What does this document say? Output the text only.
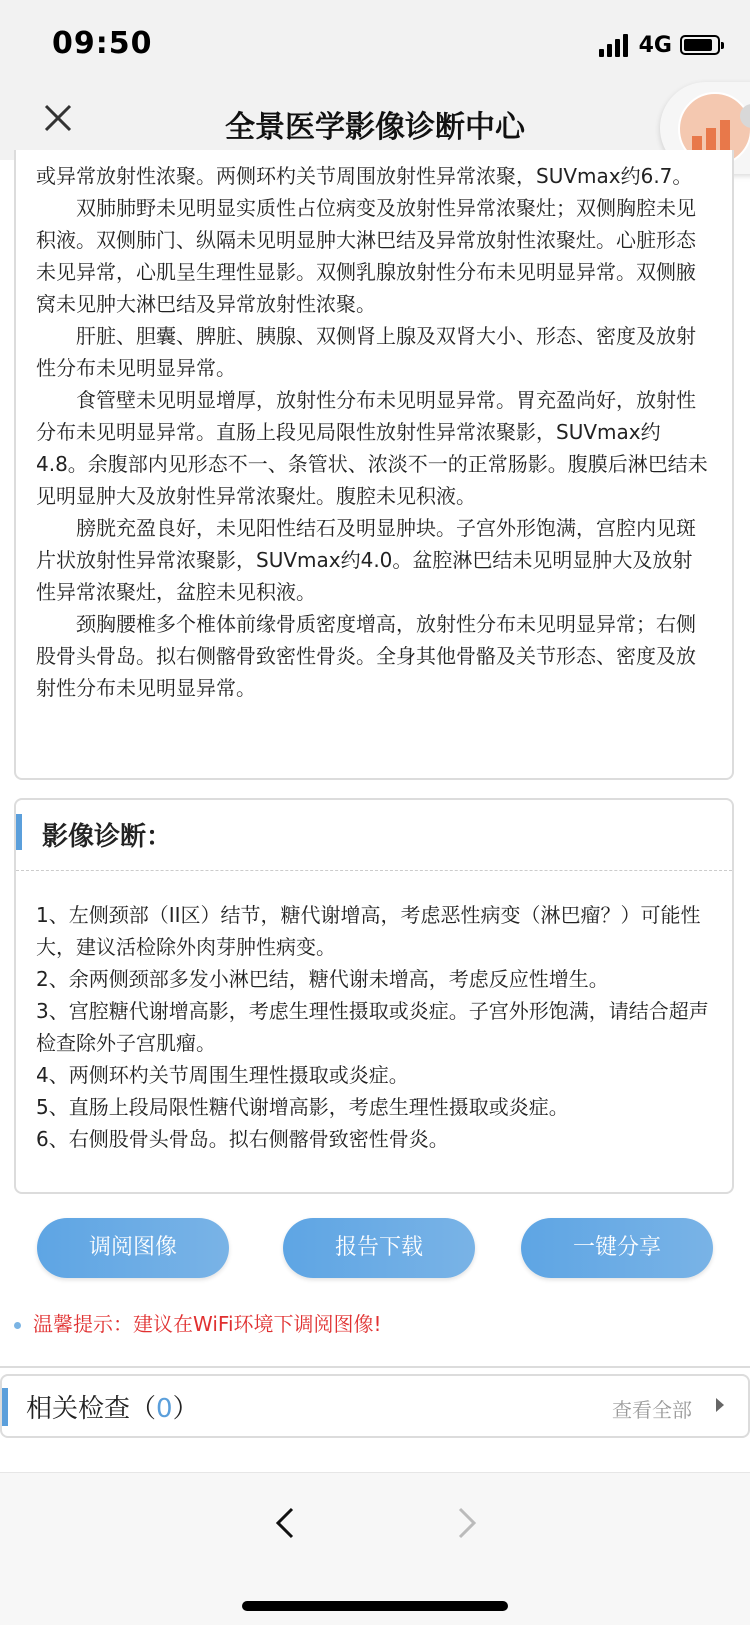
09:50	4G
全景医学影像诊断中心

或异常放射性浓聚。两侧环杓关节周围放射性异常浓聚，SUVmax约6.7。

双肺肺野未见明显实质性占位病变及放射性异常浓聚灶；双侧胸腔未见积液。双侧肺门、纵隔未见明显肿大淋巴结及异常放射性浓聚灶。心脏形态未见异常，心肌呈生理性显影。双侧乳腺放射性分布未见明显异常。双侧腋窝未见肿大淋巴结及异常放射性浓聚。

肝脏、胆囊、脾脏、胰腺、双侧肾上腺及双肾大小、形态、密度及放射性分布未见明显异常。

食管壁未见明显增厚，放射性分布未见明显异常。胃充盈尚好，放射性分布未见明显异常。直肠上段见局限性放射性异常浓聚影，SUVmax约4.8。余腹部内见形态不一、条管状、浓淡不一的正常肠影。腹膜后淋巴结未见明显肿大及放射性异常浓聚灶。腹腔未见积液。

膀胱充盈良好，未见阳性结石及明显肿块。子宫外形饱满，宫腔内见斑片状放射性异常浓聚影，SUVmax约4.0。盆腔淋巴结未见明显肿大及放射性异常浓聚灶，盆腔未见积液。

颈胸腰椎多个椎体前缘骨质密度增高，放射性分布未见明显异常；右侧股骨头骨岛。拟右侧髂骨致密性骨炎。全身其他骨骼及关节形态、密度及放射性分布未见明显异常。

影像诊断：
1、左侧颈部（II区）结节，糖代谢增高，考虑恶性病变（淋巴瘤？）可能性大，建议活检除外肉芽肿性病变。
2、余两侧颈部多发小淋巴结，糖代谢未增高，考虑反应性增生。
3、宫腔糖代谢增高影，考虑生理性摄取或炎症。子宫外形饱满，请结合超声检查除外子宫肌瘤。
4、两侧环杓关节周围生理性摄取或炎症。
5、直肠上段局限性糖代谢增高影，考虑生理性摄取或炎症。
6、右侧股骨头骨岛。拟右侧髂骨致密性骨炎。
调阅图像	报告下载	一键分享
温馨提示：建议在WiFi环境下调阅图像!
相关检查（0）	查看全部
